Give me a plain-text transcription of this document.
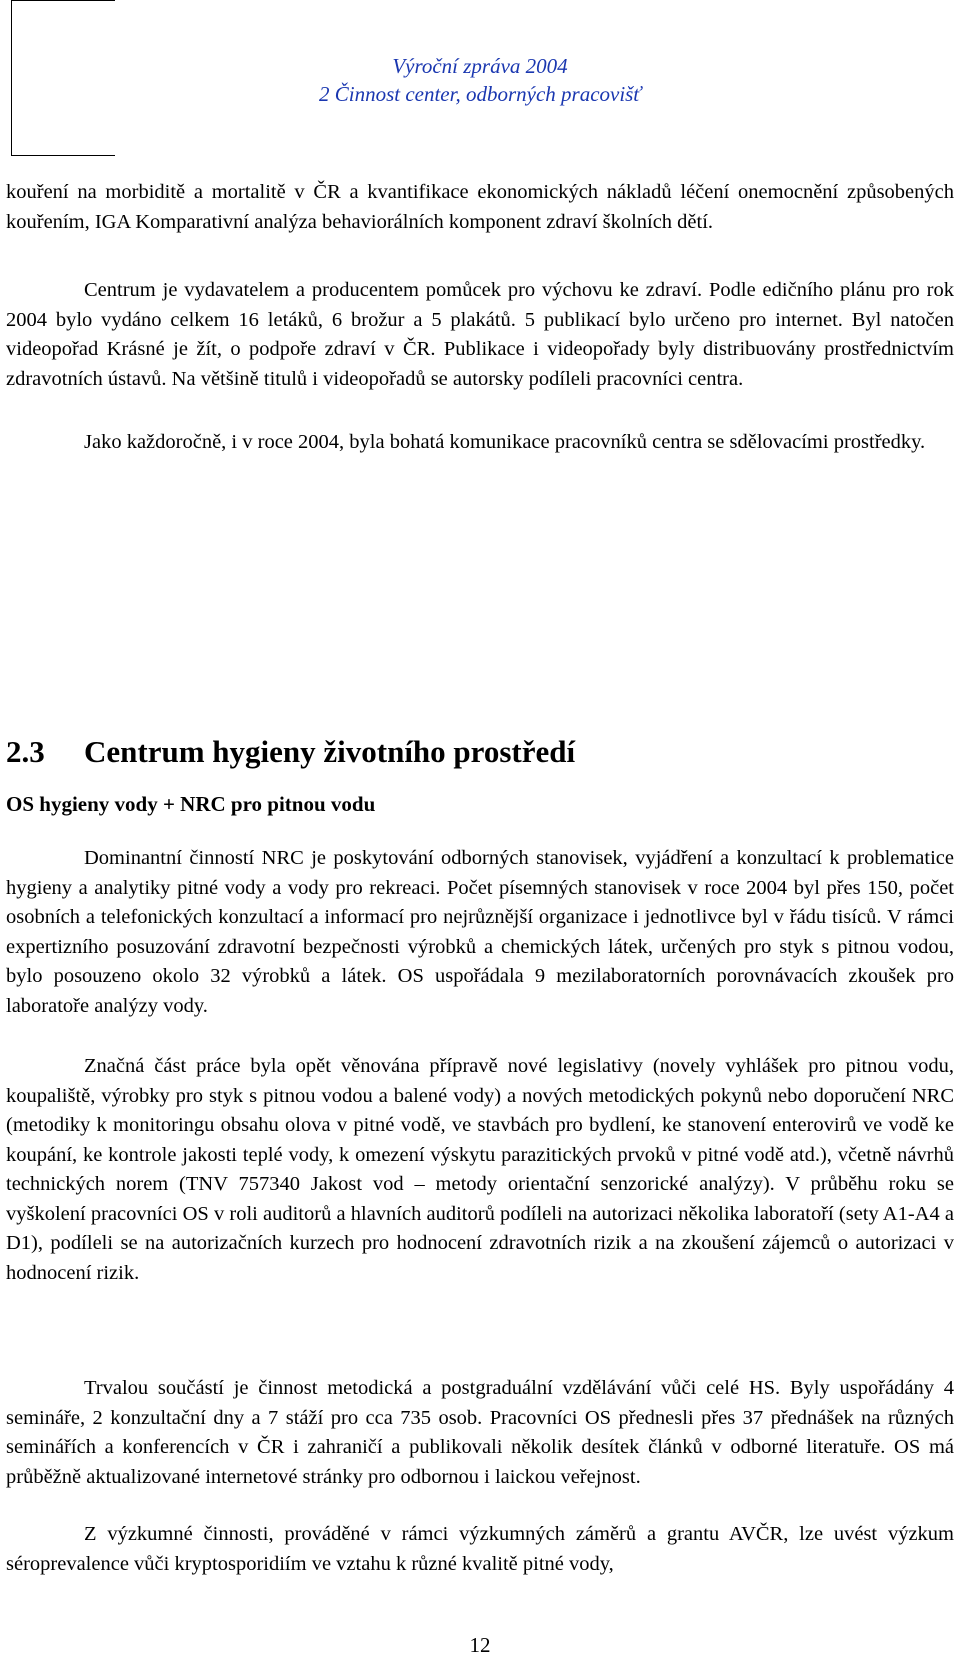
Výroční zpráva 2004
2 Činnost center, odborných pracovišť

kouření na morbiditě a mortalitě v ČR a kvantifikace ekonomických nákladů léčení onemocnění způsobených kouřením, IGA Komparativní analýza behaviorálních komponent zdraví školních dětí.

Centrum je vydavatelem a producentem pomůcek pro výchovu ke zdraví. Podle edičního plánu pro rok 2004 bylo vydáno celkem 16 letáků, 6 brožur a 5 plakátů. 5 publikací bylo určeno pro internet. Byl natočen videopořad Krásné je žít, o podpoře zdraví v ČR. Publikace i videopořady byly distribuovány prostřednictvím zdravotních ústavů. Na většině titulů i videopořadů se autorsky podíleli pracovníci centra.

Jako každoročně, i v roce 2004, byla bohatá komunikace pracovníků centra se sdělovacími prostředky.

2.3 Centrum hygieny životního prostředí
OS hygieny vody + NRC pro pitnou vodu

Dominantní činností NRC je poskytování odborných stanovisek, vyjádření a konzultací k problematice hygieny a analytiky pitné vody a vody pro rekreaci. Počet písemných stanovisek v roce 2004 byl přes 150, počet osobních a telefonických konzultací a informací pro nejrůznější organizace i jednotlivce byl v řádu tisíců. V rámci expertizního posuzování zdravotní bezpečnosti výrobků a chemických látek, určených pro styk s pitnou vodou, bylo posouzeno okolo 32 výrobků a látek. OS uspořádala 9 mezilaboratorních porovnávacích zkoušek pro laboratoře analýzy vody.

Značná část práce byla opět věnována přípravě nové legislativy (novely vyhlášek pro pitnou vodu, koupaliště, výrobky pro styk s pitnou vodou a balené vody) a nových metodických pokynů nebo doporučení NRC (metodiky k monitoringu obsahu olova v pitné vodě, ve stavbách pro bydlení, ke stanovení enterovirů ve vodě ke koupání, ke kontrole jakosti teplé vody, k omezení výskytu parazitických prvoků v pitné vodě atd.), včetně návrhů technických norem (TNV 757340 Jakost vod – metody orientační senzorické analýzy). V průběhu roku se vyškolení pracovníci OS v roli auditorů a hlavních auditorů podíleli na autorizaci několika laboratoří (sety A1-A4 a D1), podíleli se na autorizačních kurzech pro hodnocení zdravotních rizik a na zkoušení zájemců o autorizaci v hodnocení rizik.

Trvalou součástí je činnost metodická a postgraduální vzdělávání vůči celé HS. Byly uspořádány 4 semináře, 2 konzultační dny a 7 stáží pro cca 735 osob. Pracovníci OS přednesli přes 37 přednášek na různých seminářích a konferencích v ČR i zahraničí a publikovali několik desítek článků v odborné literatuře. OS má průběžně aktualizované internetové stránky pro odbornou i laickou veřejnost.

Z výzkumné činnosti, prováděné v rámci výzkumných záměrů a grantu AVČR, lze uvést výzkum séroprevalence vůči kryptosporidiím ve vztahu k různé kvalitě pitné vody,

12
